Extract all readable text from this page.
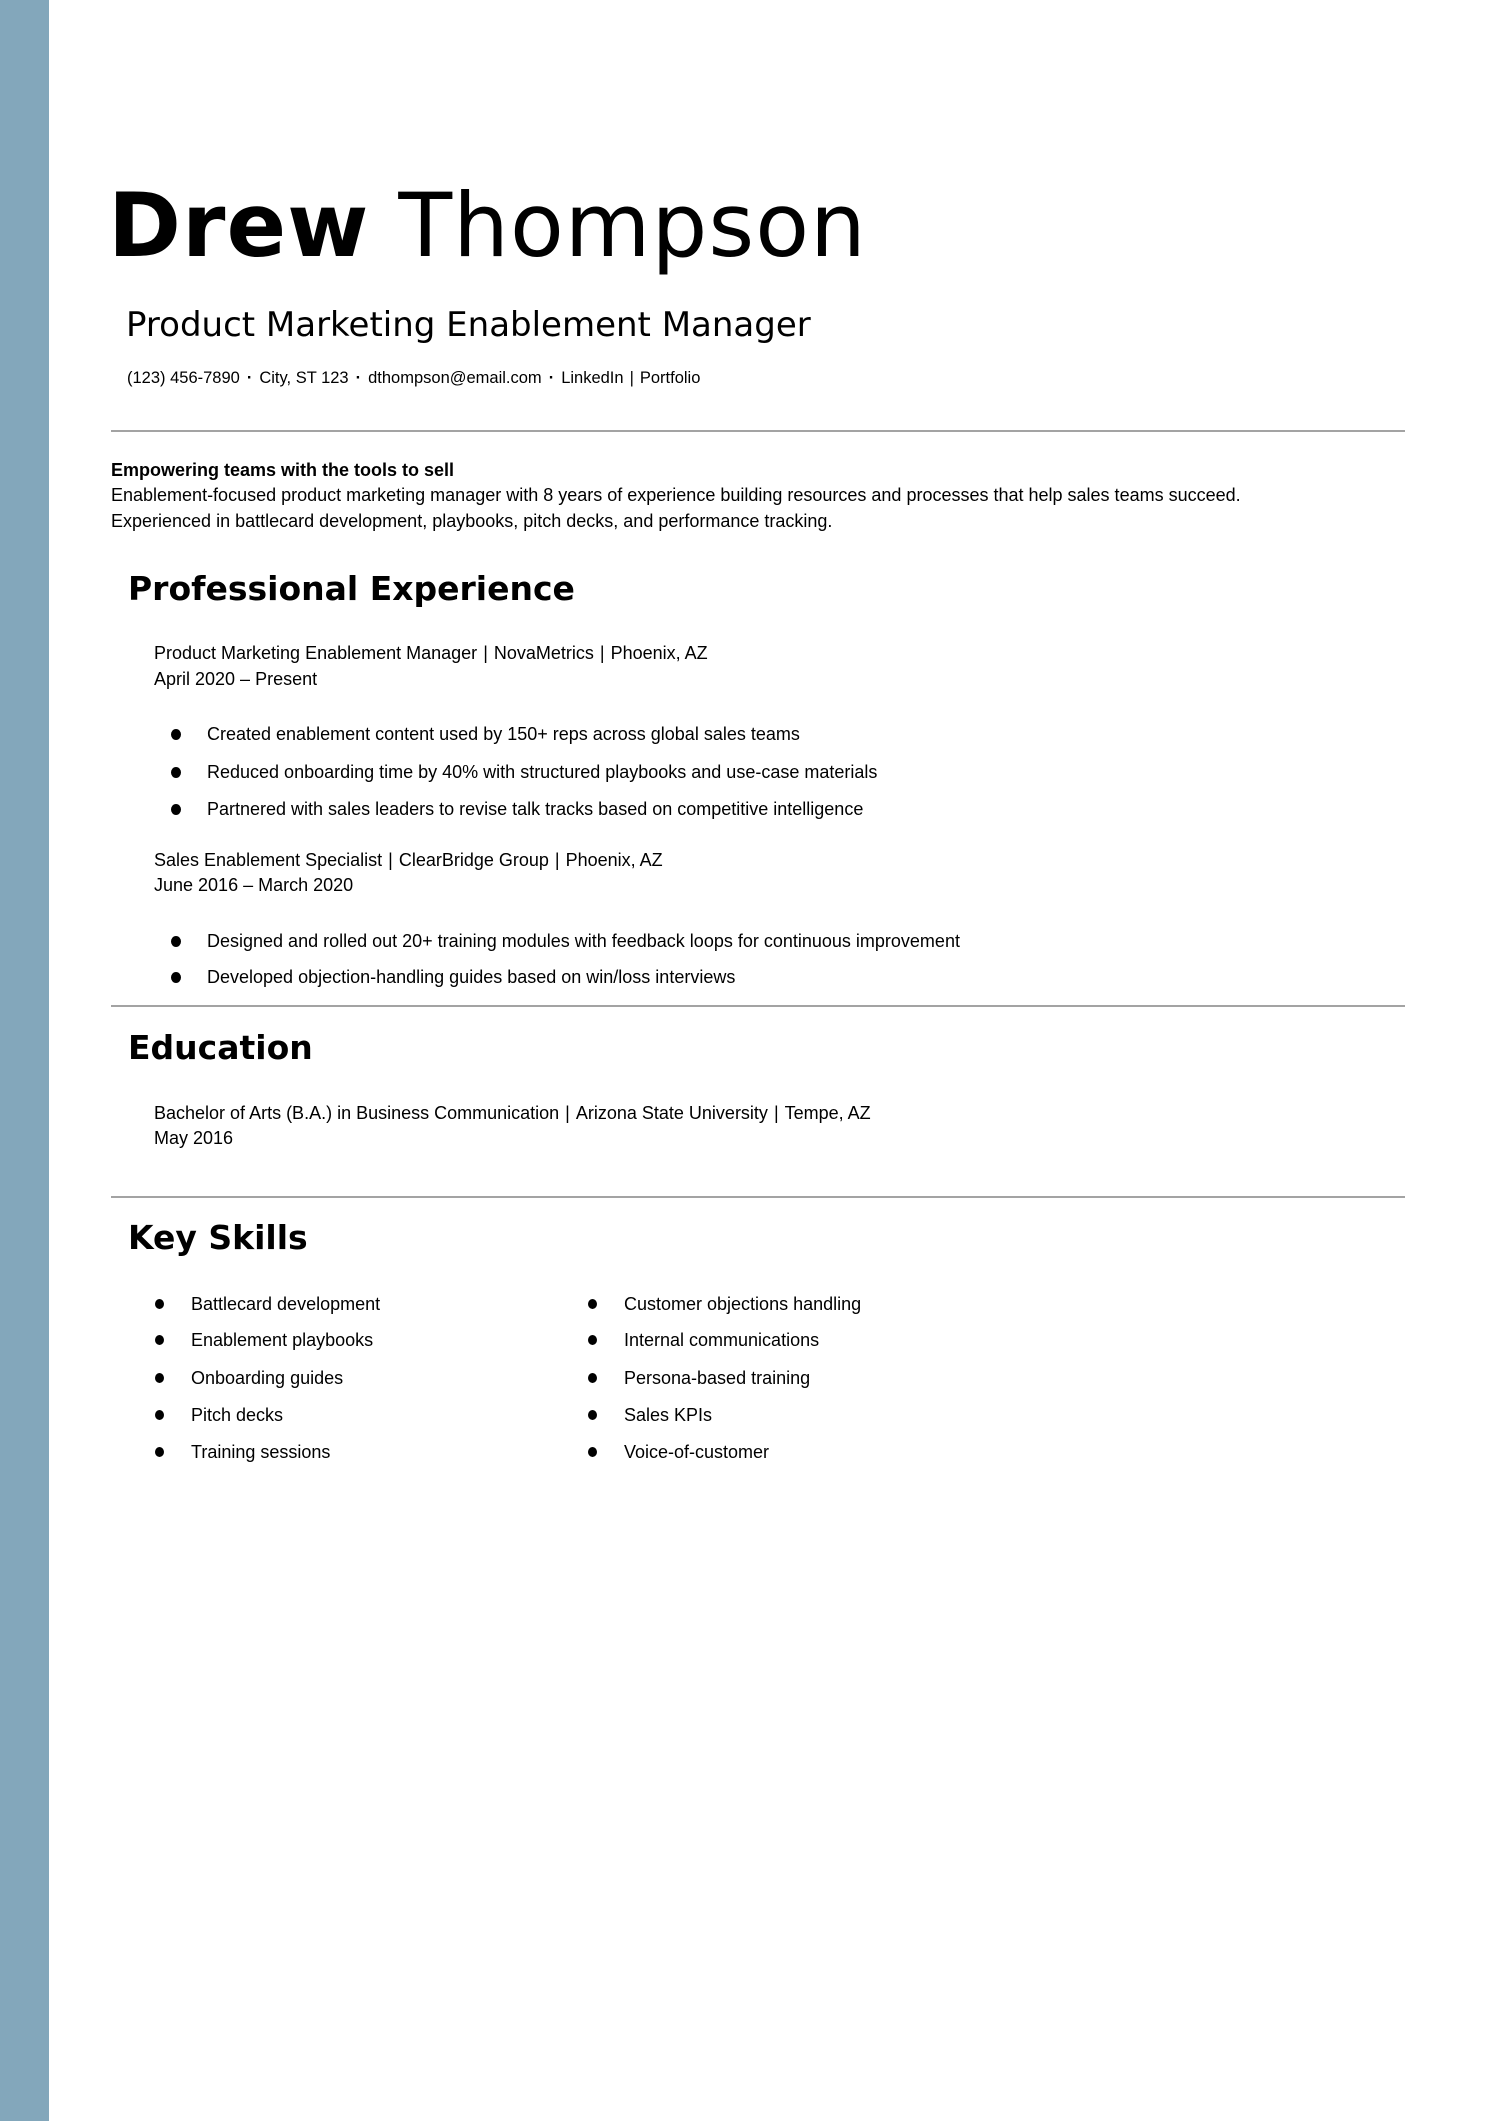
Drew Thompson
Product Marketing Enablement Manager
(123) 456-7890 · City, ST 123 · dthompson@email.com · LinkedIn | Portfolio
Empowering teams with the tools to sell
Enablement-focused product marketing manager with 8 years of experience building resources and processes that help sales teams succeed.
Experienced in battlecard development, playbooks, pitch decks, and performance tracking.
Professional Experience
Product Marketing Enablement Manager | NovaMetrics | Phoenix, AZ
April 2020 – Present
Created enablement content used by 150+ reps across global sales teams
Reduced onboarding time by 40% with structured playbooks and use-case materials
Partnered with sales leaders to revise talk tracks based on competitive intelligence
Sales Enablement Specialist | ClearBridge Group | Phoenix, AZ
June 2016 – March 2020
Designed and rolled out 20+ training modules with feedback loops for continuous improvement
Developed objection-handling guides based on win/loss interviews
Education
Bachelor of Arts (B.A.) in Business Communication | Arizona State University | Tempe, AZ
May 2016
Key Skills
Battlecard development
Enablement playbooks
Onboarding guides
Pitch decks
Training sessions
Customer objections handling
Internal communications
Persona-based training
Sales KPIs
Voice-of-customer
